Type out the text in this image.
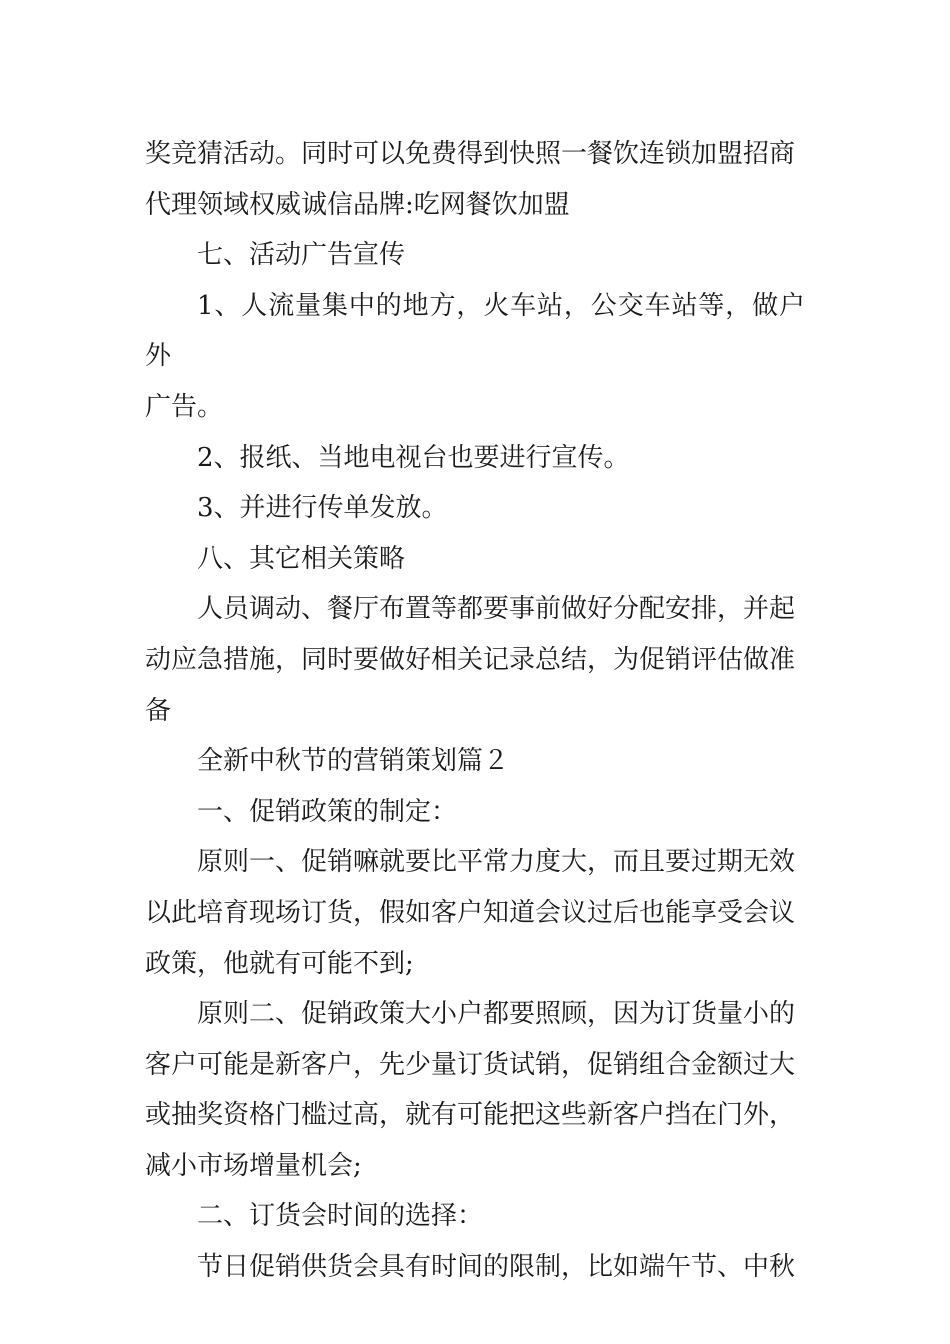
奖竞猜活动。同时可以免费得到快照一餐饮连锁加盟招商
代理领域权威诚信品牌:吃网餐饮加盟

七、活动广告宣传

1、人流量集中的地方，火车站，公交车站等，做户外
广告。

2、报纸、当地电视台也要进行宣传。

3、并进行传单发放。

八、其它相关策略

人员调动、餐厅布置等都要事前做好分配安排，并起
动应急措施，同时要做好相关记录总结，为促销评估做准
备

全新中秋节的营销策划篇２

一、促销政策的制定：

原则一、促销嘛就要比平常力度大，而且要过期无效
以此培育现场订货，假如客户知道会议过后也能享受会议
政策，他就有可能不到;

原则二、促销政策大小户都要照顾，因为订货量小的
客户可能是新客户，先少量订货试销，促销组合金额过大
或抽奖资格门槛过高，就有可能把这些新客户挡在门外，
减小市场增量机会;

二、订货会时间的选择：

节日促销供货会具有时间的限制，比如端午节、中秋
